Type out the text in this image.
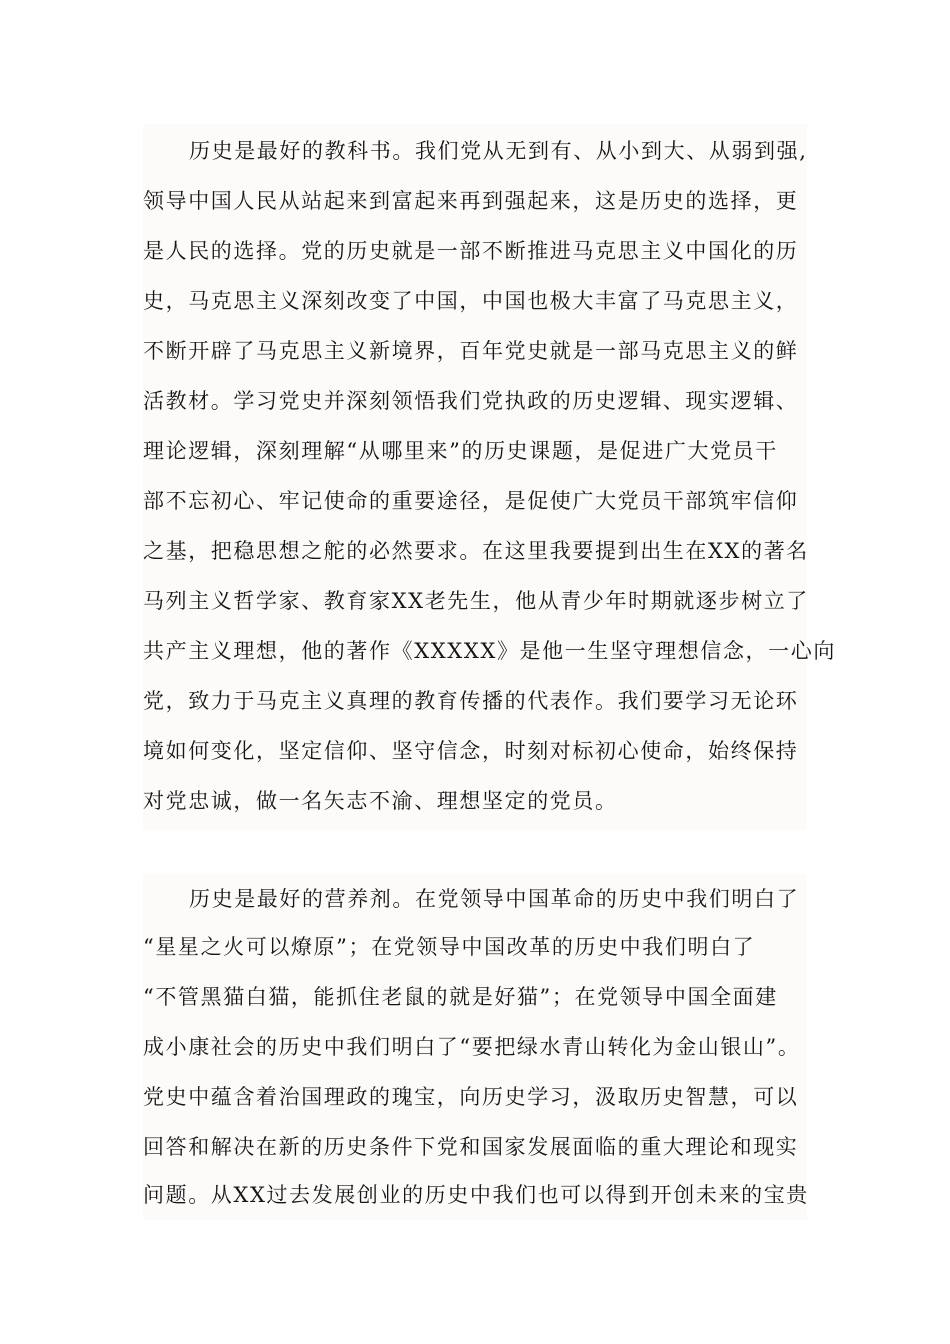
历史是最好的教科书。我们党从无到有、从小到大、从弱到强,
领导中国人民从站起来到富起来再到强起来，这是历史的选择，更
是人民的选择。党的历史就是一部不断推进马克思主义中国化的历
史，马克思主义深刻改变了中国，中国也极大丰富了马克思主义，
不断开辟了马克思主义新境界，百年党史就是一部马克思主义的鲜
活教材。学习党史并深刻领悟我们党执政的历史逻辑、现实逻辑、
理论逻辑，深刻理解“从哪里来”的历史课题，是促进广大党员干
部不忘初心、牢记使命的重要途径，是促使广大党员干部筑牢信仰
之基，把稳思想之舵的必然要求。在这里我要提到出生在XX的著名
马列主义哲学家、教育家XX老先生，他从青少年时期就逐步树立了
共产主义理想，他的著作《XXXXX》是他一生坚守理想信念，一心向
党，致力于马克主义真理的教育传播的代表作。我们要学习无论环
境如何变化，坚定信仰、坚守信念，时刻对标初心使命，始终保持
对党忠诚，做一名矢志不渝、理想坚定的党员。
历史是最好的营养剂。在党领导中国革命的历史中我们明白了
“星星之火可以燎原”；在党领导中国改革的历史中我们明白了
“不管黑猫白猫，能抓住老鼠的就是好猫”；在党领导中国全面建
成小康社会的历史中我们明白了“要把绿水青山转化为金山银山”。
党史中蕴含着治国理政的瑰宝，向历史学习，汲取历史智慧，可以
回答和解决在新的历史条件下党和国家发展面临的重大理论和现实
问题。从XX过去发展创业的历史中我们也可以得到开创未来的宝贵
